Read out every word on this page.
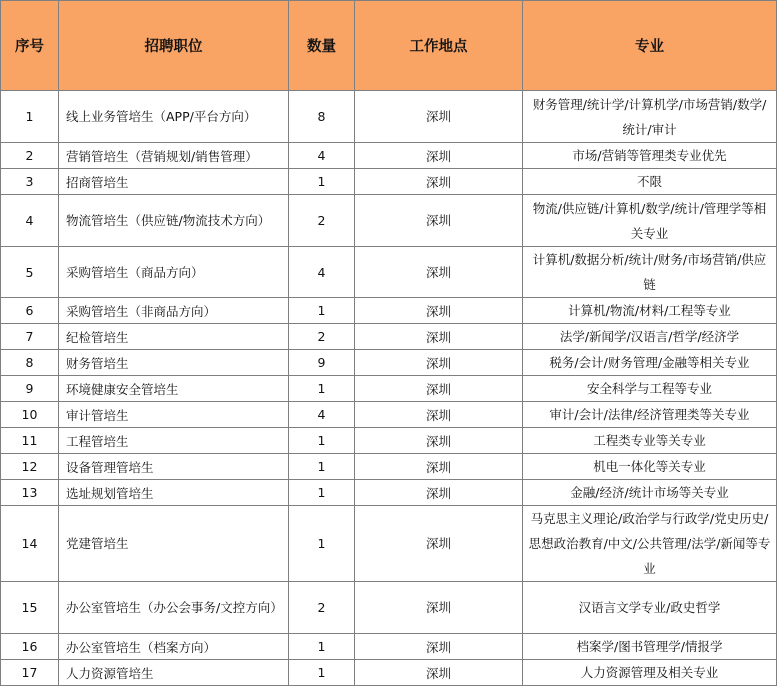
序号	招聘职位	数量	工作地点	专业
1	线上业务管培生（APP/平台方向）	8	深圳	财务管理/统计学/计算机学/市场营销/数学/统计/审计
2	营销管培生（营销规划/销售管理）	4	深圳	市场/营销等管理类专业优先
3	招商管培生	1	深圳	不限
4	物流管培生（供应链/物流技术方向）	2	深圳	物流/供应链/计算机/数学/统计/管理学等相关专业
5	采购管培生（商品方向）	4	深圳	计算机/数据分析/统计/财务/市场营销/供应链
6	采购管培生（非商品方向）	1	深圳	计算机/物流/材料/工程等专业
7	纪检管培生	2	深圳	法学/新闻学/汉语言/哲学/经济学
8	财务管培生	9	深圳	税务/会计/财务管理/金融等相关专业
9	环境健康安全管培生	1	深圳	安全科学与工程等专业
10	审计管培生	4	深圳	审计/会计/法律/经济管理类等关专业
11	工程管培生	1	深圳	工程类专业等关专业
12	设备管理管培生	1	深圳	机电一体化等关专业
13	选址规划管培生	1	深圳	金融/经济/统计市场等关专业
14	党建管培生	1	深圳	马克思主义理论/政治学与行政学/党史历史/思想政治教育/中文/公共管理/法学/新闻等专业
15	办公室管培生（办公会事务/文控方向）	2	深圳	汉语言文学专业/政史哲学
16	办公室管培生（档案方向）	1	深圳	档案学/图书管理学/情报学
17	人力资源管培生	1	深圳	人力资源管理及相关专业
